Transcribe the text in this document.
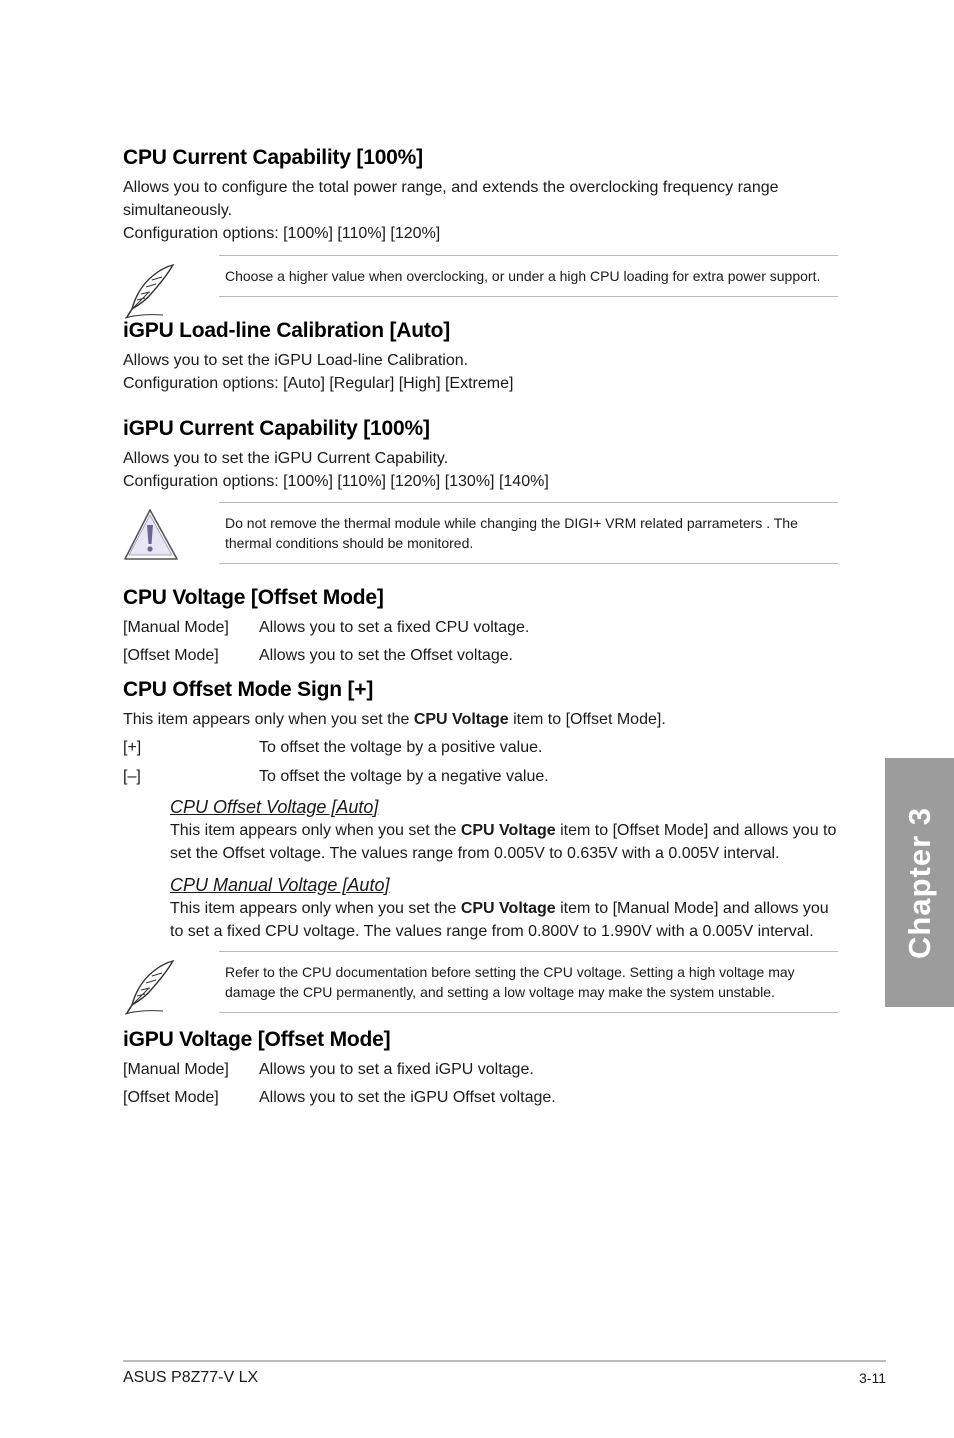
CPU Current Capability [100%]

Allows you to configure the total power range, and extends the overclocking frequency range simultaneously.

Configuration options: [100%] [110%] [120%]

Choose a higher value when overclocking, or under a high CPU loading for extra power support.
iGPU Load-line Calibration [Auto]

Allows you to set the iGPU Load-line Calibration.

Configuration options: [Auto] [Regular] [High] [Extreme]

iGPU Current Capability [100%]

Allows you to set the iGPU Current Capability.

Configuration options: [100%] [110%] [120%] [130%] [140%]

Do not remove the thermal module while changing the DIGI+ VRM related parrameters . The thermal conditions should be monitored.
CPU Voltage [Offset Mode]
[Manual Mode]	Allows you to set a fixed CPU voltage.
[Offset Mode]	Allows you to set the Offset voltage.
CPU Offset Mode Sign [+]

This item appears only when you set the CPU Voltage item to [Offset Mode].

[+]	To offset the voltage by a positive value.
[–]	To offset the voltage by a negative value.
CPU Offset Voltage [Auto]

This item appears only when you set the CPU Voltage item to [Offset Mode] and allows you to set the Offset voltage. The values range from 0.005V to 0.635V with a 0.005V interval.

CPU Manual Voltage [Auto]

This item appears only when you set the CPU Voltage item to [Manual Mode] and allows you to set a fixed CPU voltage. The values range from 0.800V to 1.990V with a 0.005V interval.

Refer to the CPU documentation before setting the CPU voltage. Setting a high voltage may damage the CPU permanently, and setting a low voltage may make the system unstable.
iGPU Voltage [Offset Mode]
[Manual Mode]	Allows you to set a fixed iGPU voltage.
[Offset Mode]	Allows you to set the iGPU Offset voltage.
Chapter 3
ASUS P8Z77-V LX	3-11
